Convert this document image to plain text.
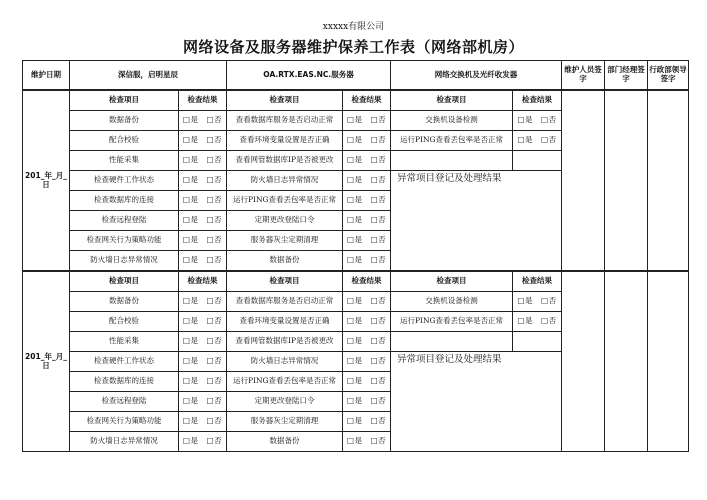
xxxxx有限公司
网络设备及服务器维护保养工作表（网络部机房）
维护日期	深信服，启明星辰		OA.RTX.EAS.NC.服务器		网络交换机及光纤收发器		维护人员签字	部门经理签字	行政部领导签字
201_年_月_日	检查项目	检查结果	检查项目	检查结果	检查项目	检查结果			
	数据备份	□是　□否	查看数据库服务是否启动正常	□是　□否	交换机设备检测	□是　□否			
	配合校验	□是　□否	查看环境变量设置是否正确	□是　□否	运行PING查看丢包率是否正常	□是　□否			
	性能采集	□是　□否	查看网管数据库IP是否被更改	□是　□否					
	检查硬件工作状态	□是　□否	防火墙日志异常情况	□是　□否	异常项目登记及处理结果				
	检查数据库的连接	□是　□否	运行PING查看丢包率是否正常	□是　□否					
	检查远程登陆	□是　□否	定期更改登陆口令	□是　□否					
	检查网关行为策略功能	□是　□否	服务器灰尘定期清理	□是　□否					
	防火墙日志异常情况	□是　□否	数据备份	□是　□否					
201_年_月_日	检查项目	检查结果	检查项目	检查结果	检查项目	检查结果			
	数据备份	□是　□否	查看数据库服务是否启动正常	□是　□否	交换机设备检测	□是　□否			
	配合校验	□是　□否	查看环境变量设置是否正确	□是　□否	运行PING查看丢包率是否正常	□是　□否			
	性能采集	□是　□否	查看网管数据库IP是否被更改	□是　□否					
	检查硬件工作状态	□是　□否	防火墙日志异常情况	□是　□否	异常项目登记及处理结果				
	检查数据库的连接	□是　□否	运行PING查看丢包率是否正常	□是　□否					
	检查远程登陆	□是　□否	定期更改登陆口令	□是　□否					
	检查网关行为策略功能	□是　□否	服务器灰尘定期清理	□是　□否					
	防火墙日志异常情况	□是　□否	数据备份	□是　□否					
